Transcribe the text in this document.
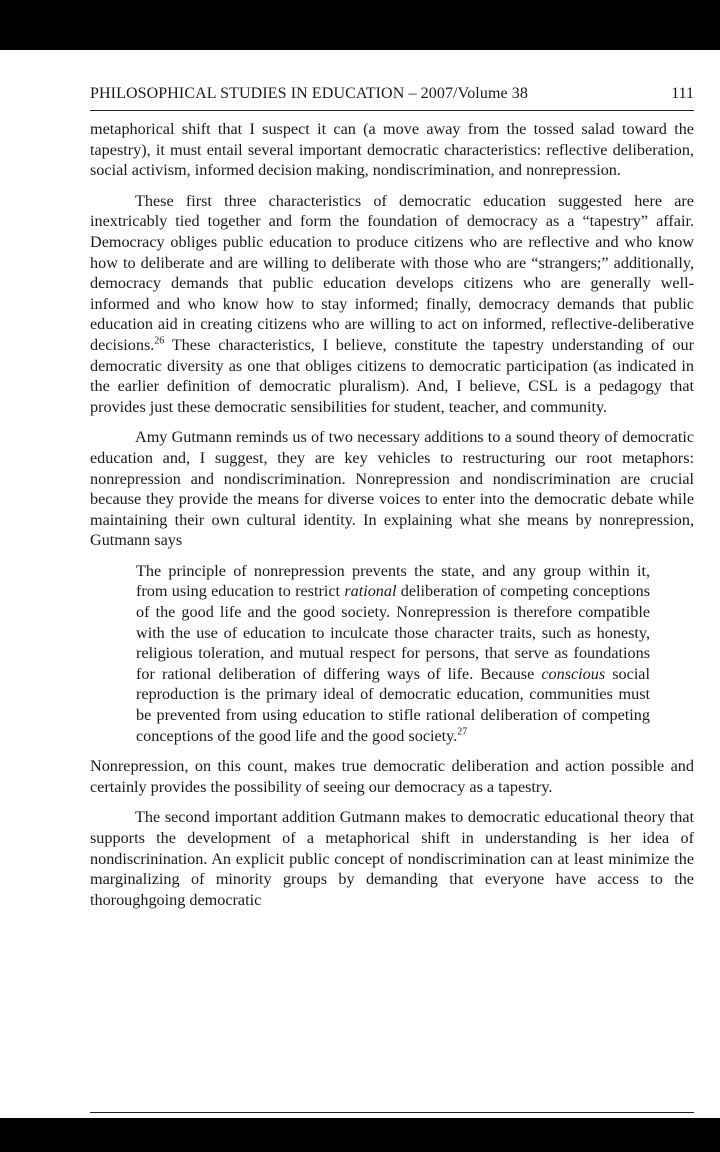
PHILOSOPHICAL STUDIES IN EDUCATION – 2007/Volume 38	111

metaphorical shift that I suspect it can (a move away from the tossed salad toward the tapestry), it must entail several important democratic characteristics: reflective deliberation, social activism, informed decision making, nondiscrimination, and nonrepression.

These first three characteristics of democratic education suggested here are inextricably tied together and form the foundation of democracy as a “tapestry” affair. Democracy obliges public education to produce citizens who are reflective and who know how to deliberate and are willing to deliberate with those who are “strangers;” additionally, democracy demands that public education develops citizens who are generally well-informed and who know how to stay informed; finally, democracy demands that public education aid in creating citizens who are willing to act on informed, reflective-deliberative decisions.$^{26}$ These characteristics, I believe, constitute the tapestry understanding of our democratic diversity as one that obliges citizens to democratic participation (as indicated in the earlier definition of democratic pluralism). And, I believe, CSL is a pedagogy that provides just these democratic sensibilities for student, teacher, and community.

Amy Gutmann reminds us of two necessary additions to a sound theory of democratic education and, I suggest, they are key vehicles to restructuring our root metaphors: nonrepression and nondiscrimination. Nonrepression and nondiscrimination are crucial because they provide the means for diverse voices to enter into the democratic debate while maintaining their own cultural identity. In explaining what she means by nonrepression, Gutmann says

The principle of nonrepression prevents the state, and any group within it, from using education to restrict rational deliberation of competing conceptions of the good life and the good society. Nonrepression is therefore compatible with the use of education to inculcate those character traits, such as honesty, religious toleration, and mutual respect for persons, that serve as foundations for rational deliberation of differing ways of life. Because conscious social reproduction is the primary ideal of democratic education, communities must be prevented from using education to stifle rational deliberation of competing conceptions of the good life and the good society.$^{27}$

Nonrepression, on this count, makes true democratic deliberation and action possible and certainly provides the possibility of seeing our democracy as a tapestry.

The second important addition Gutmann makes to democratic educational theory that supports the development of a metaphorical shift in understanding is her idea of nondiscrinination. An explicit public concept of nondiscrimination can at least minimize the marginalizing of minority groups by demanding that everyone have access to the thoroughgoing democratic
